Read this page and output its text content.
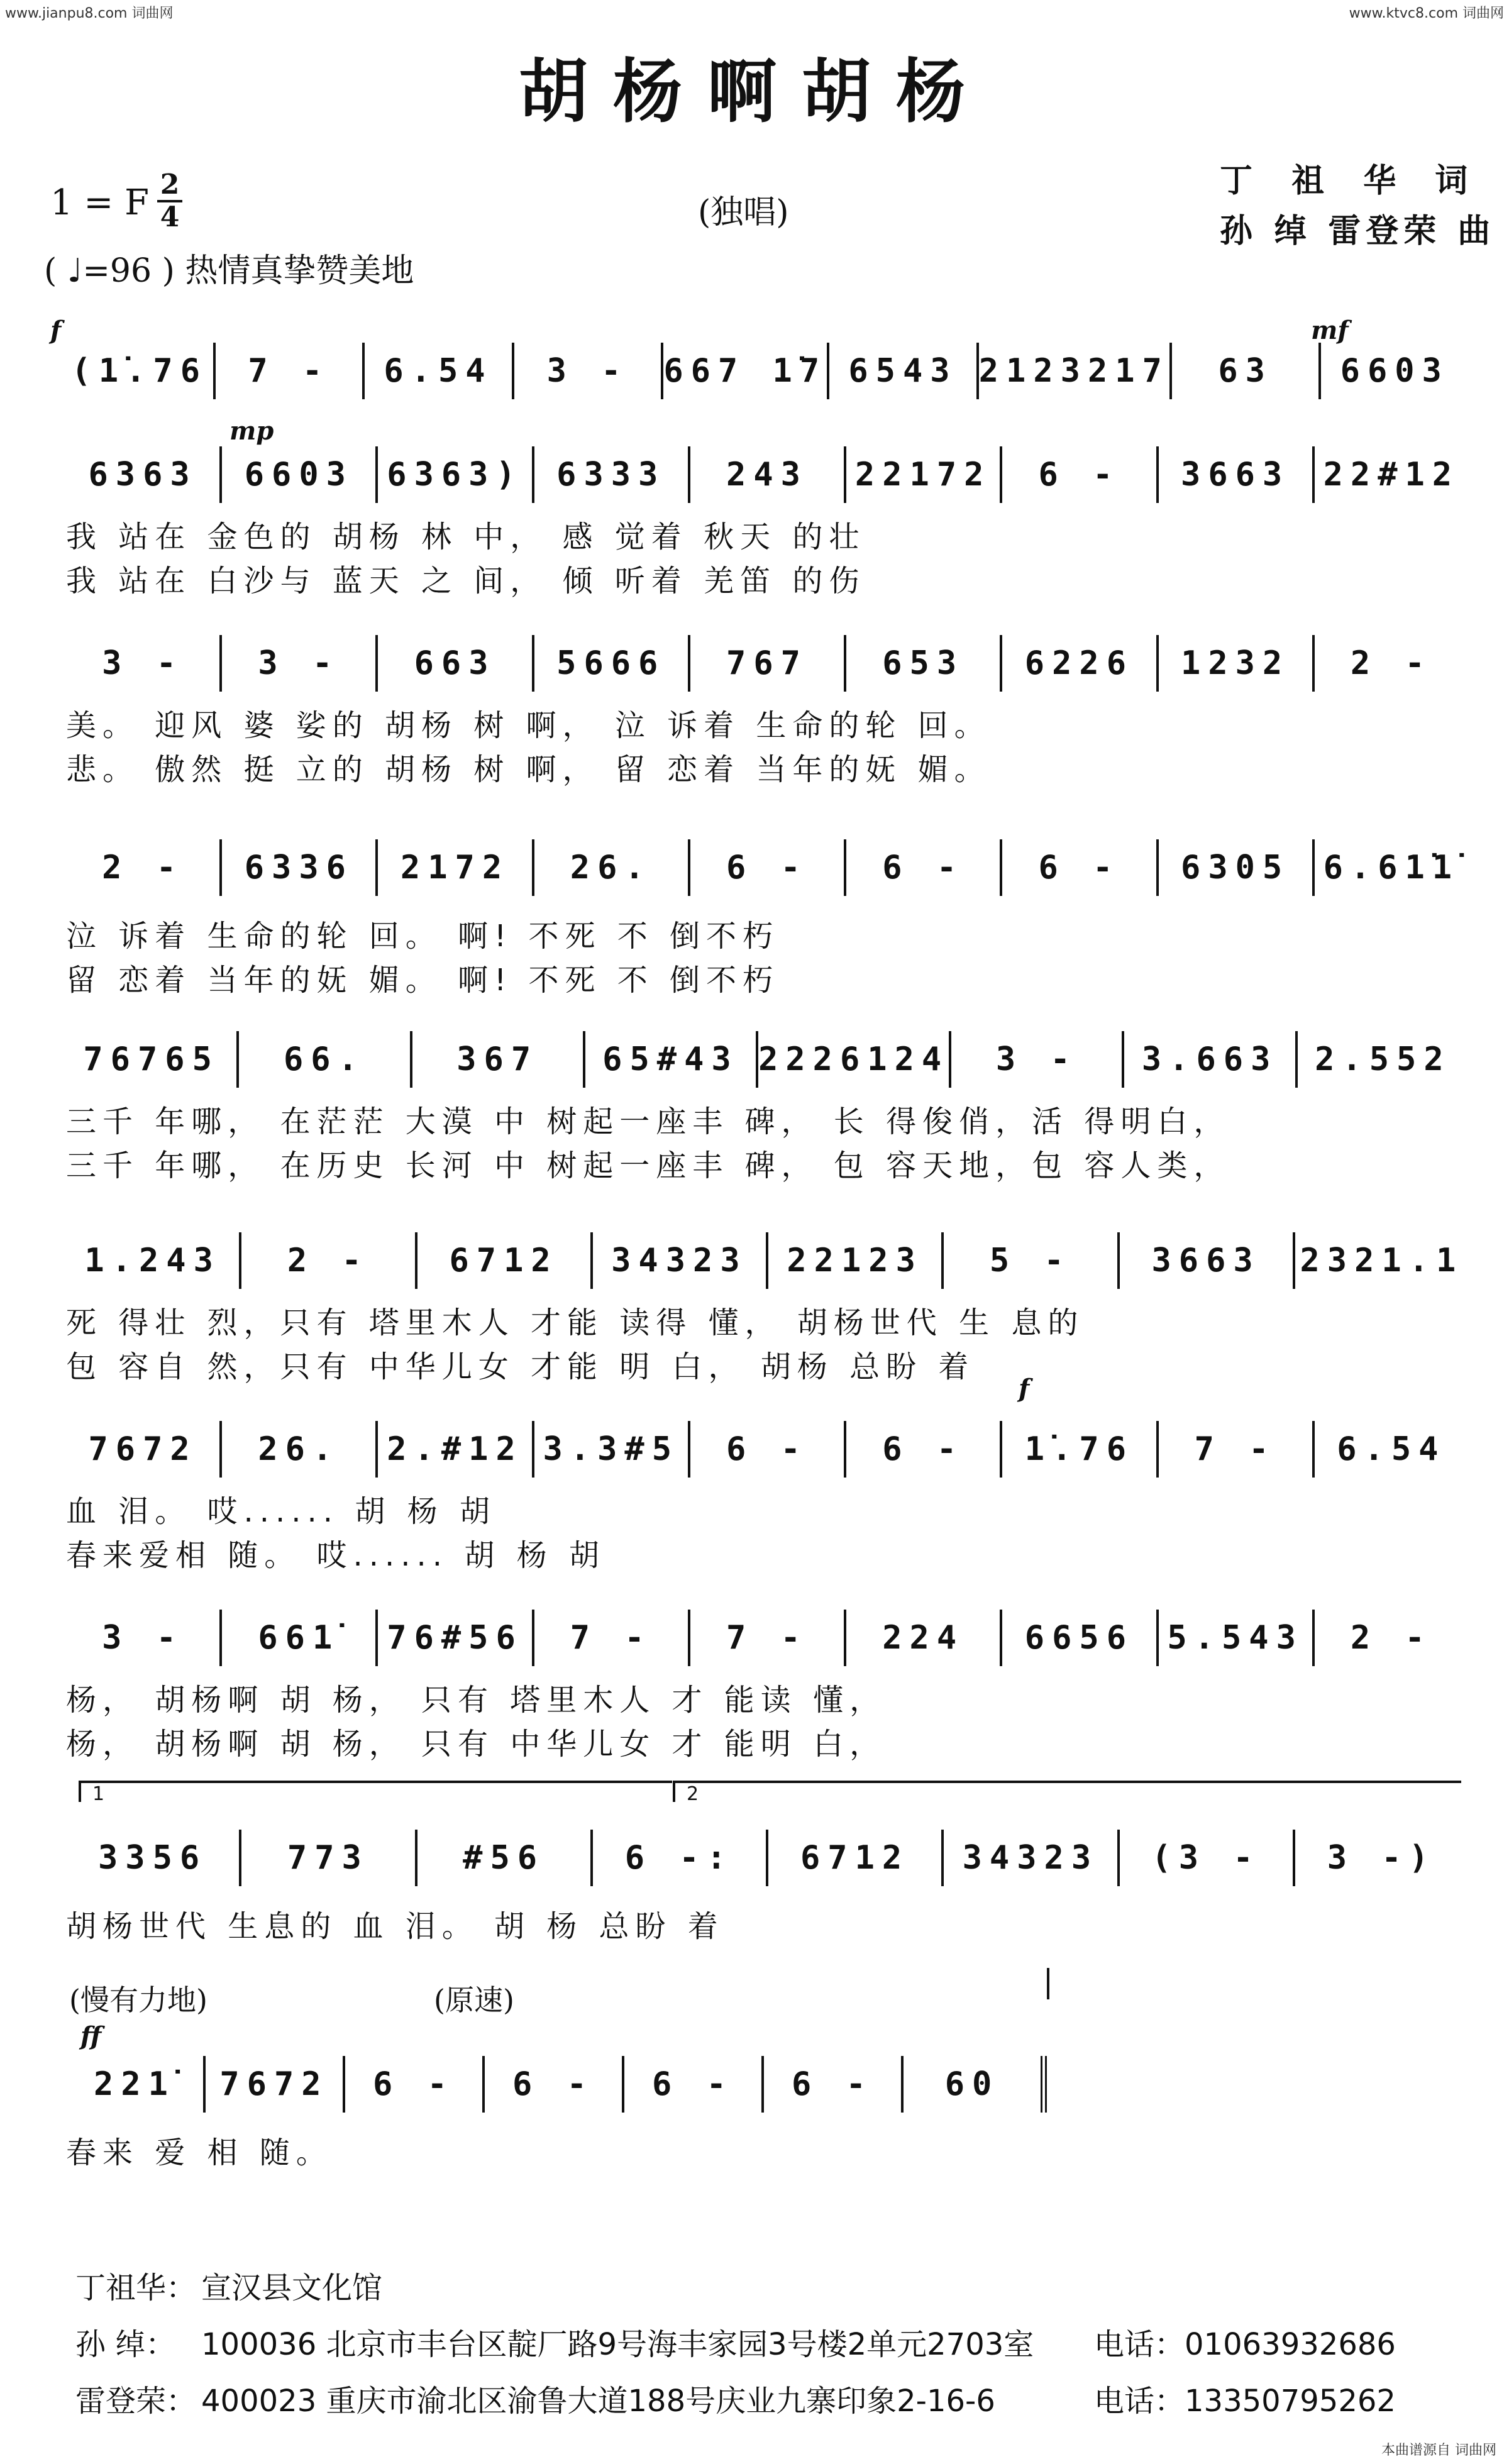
www.jianpu8.com 词曲网	www.ktvc8.com 词曲网
胡杨啊胡杨
1 = F 2
4	(独唱)
( ♩=96 ) 热情真挚赞美地
丁 祖 华 词
孙 绰 雷登荣 曲
f	mf
mp
f
ff
(1̇.76	7 -	6.54	3 -	667 1̇7 6543 2123217	63	6603
6363	6603	6363)	6333	243	22172	6 -	3663	22#12
我 站在 金色的 胡杨 林 中， 感 觉着 秋天 的壮
我 站在 白沙与 蓝天 之 间， 倾 听着 羌笛 的伤
3 -	3 -	663	5666	767	653	6226	1232	2 -
美。 迎风 婆 娑的 胡杨 树 啊， 泣 诉着 生命的轮 回。
悲。 傲然 挺 立的 胡杨 树 啊， 留 恋着 当年的妩 媚。
2 -	6336	2172	26.	6 -	6 -	6 -	6305	6.61̇1̇
泣 诉着 生命的轮 回。 啊! 不死 不 倒不朽
留 恋着 当年的妩 媚。 啊! 不死 不 倒不朽
76765	66.	367	65#43 2226124	3 -	3.663	2.552
三千 年哪， 在茫茫 大漠 中 树起一座丰 碑， 长 得俊俏，活 得明白，
三千 年哪， 在历史 长河 中 树起一座丰 碑， 包 容天地，包 容人类，
1.243	2 -	6712	34323	22123	5 -	3663	2321.1
死 得壮 烈，只有 塔里木人 才能 读得 懂， 胡杨世代 生 息的
包 容自 然，只有 中华儿女 才能 明 白， 胡杨 总盼 着
7672	26.	2.#12 3.3#5	6 -	6 -	1̇.76	7 -	6.54
血 泪。 哎...... 胡 杨 胡
春来爱相 随。 哎...... 胡 杨 胡
3 -	661̇	76#56	7 -	7 -	224	6656	5.543	2 -
杨， 胡杨啊 胡 杨， 只有 塔里木人 才 能读 懂，
杨， 胡杨啊 胡 杨， 只有 中华儿女 才 能明 白，
1	2
3356	773	#56	6 -:	6712	34323	(3 -	3 -)
胡杨世代 生息的 血 泪。 胡 杨 总盼 着
(慢有力地)	(原速)
221̇	7672	6 -	6 -	6 -	6 -	60
春来 爱 相 随。
丁祖华： 宣汉县文化馆
孙 绰： 100036 北京市丰台区靛厂路9号海丰家园3号楼2单元2703室 电话：01063932686
雷登荣： 400023 重庆市渝北区渝鲁大道188号庆业九寨印象2-16-6	电话：13350795262
本曲谱源自 词曲网
